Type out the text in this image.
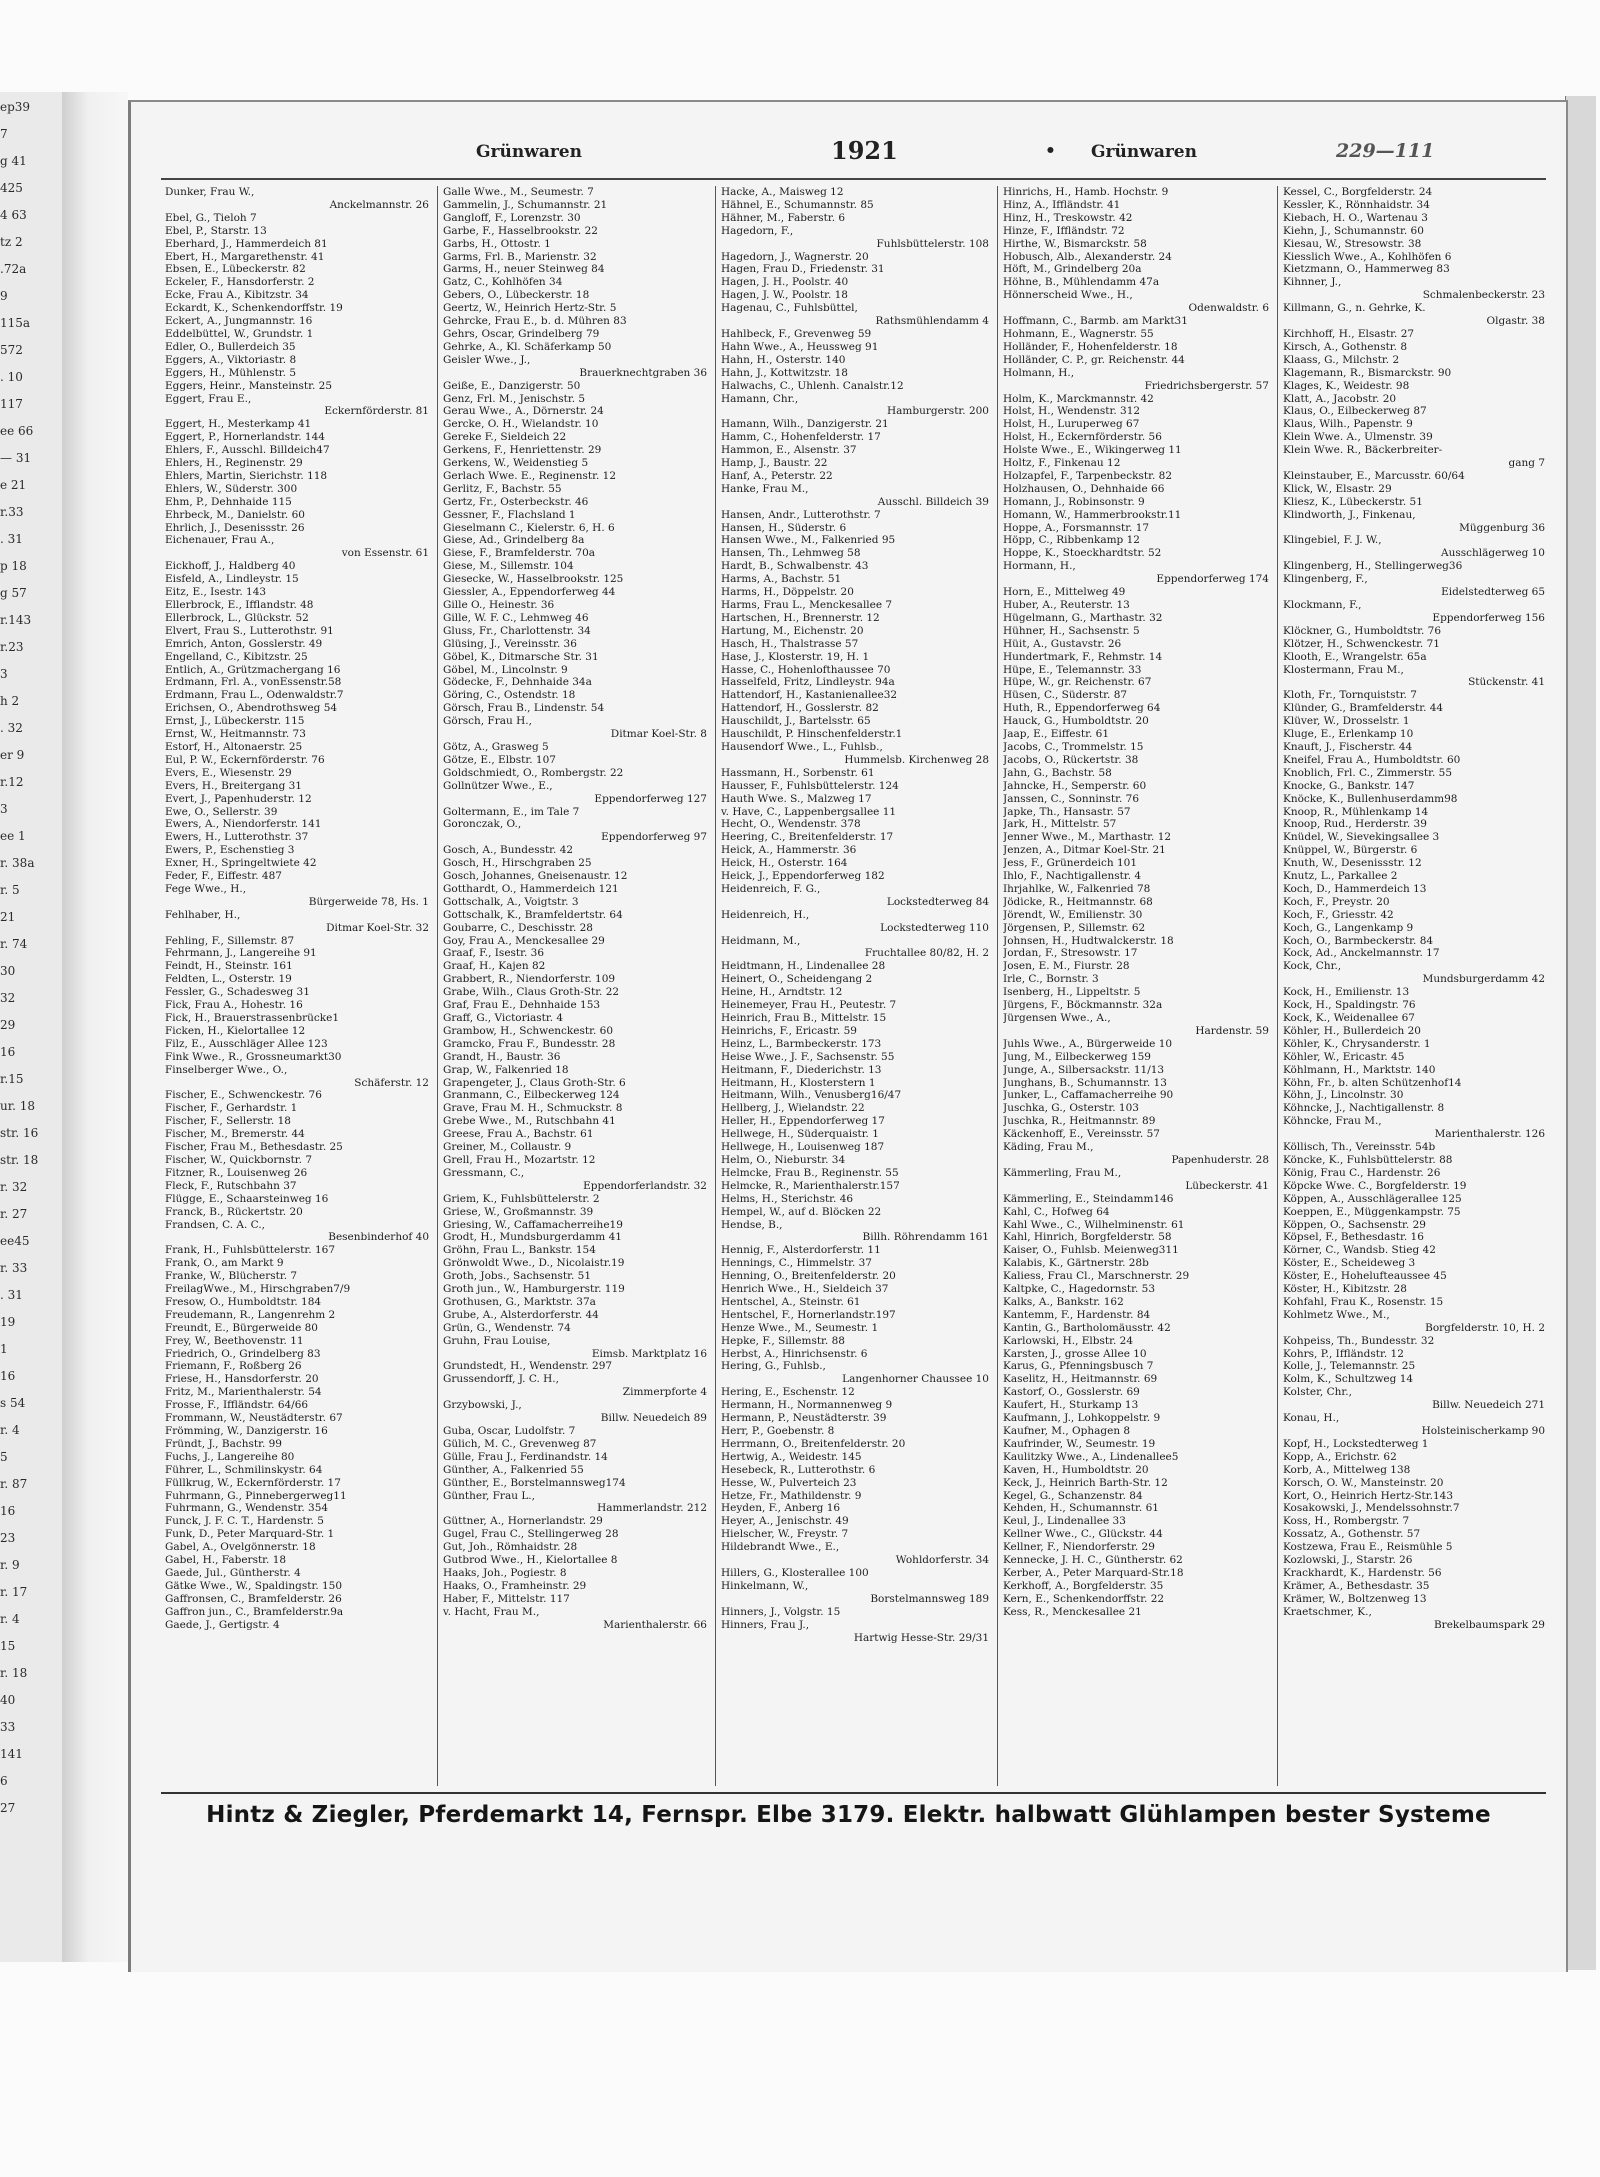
ep39
7
g 41
425
4 63
tz 2
.72a
9
115a
572
. 10
117
ee 66
— 31
e 21
r.33
. 31
p 18
g 57
r.143
r.23
3
h 2
. 32
er 9
r.12
3
ee 1
r. 38a
r. 5
21
r. 74
30
32
29
16
r.15
ur. 18
str. 16
str. 18
r. 32
r. 27
ee45
r. 33
. 31
19
1
16
s 54
r. 4
5
r. 87
16
23
r. 9
r. 17
r. 4
15
r. 18
40
33
141
6
27
Grünwaren	1921	• Grünwaren	229—111
Dunker, Frau W.,
Anckelmannstr. 26
Ebel, G., Tieloh 7
Ebel, P., Starstr. 13
Eberhard, J., Hammerdeich 81
Ebert, H., Margarethenstr. 41
Ebsen, E., Lübeckerstr. 82
Eckeler, F., Hansdorferstr. 2
Ecke, Frau A., Kibitzstr. 34
Eckardt, K., Schenkendorffstr. 19
Eckert, A., Jungmannstr. 16
Eddelbüttel, W., Grundstr. 1
Edler, O., Bullerdeich 35
Eggers, A., Viktoriastr. 8
Eggers, H., Mühlenstr. 5
Eggers, Heinr., Mansteinstr. 25
Eggert, Frau E.,
Eckernförderstr. 81
Eggert, H., Mesterkamp 41
Eggert, P., Hornerlandstr. 144
Ehlers, F., Ausschl. Billdeich47
Ehlers, H., Reginenstr. 29
Ehlers, Martin, Sierichstr. 118
Ehlers, W., Süderstr. 300
Ehm, P., Dehnhaide 115
Ehrbeck, M., Danielstr. 60
Ehrlich, J., Desenissstr. 26
Eichenauer, Frau A.,
von Essenstr. 61
Eickhoff, J., Haldberg 40
Eisfeld, A., Lindleystr. 15
Eitz, E., Isestr. 143
Ellerbrock, E., Ifflandstr. 48
Ellerbrock, L., Glückstr. 52
Elvert, Frau S., Lutterothstr. 91
Emrich, Anton, Gosslerstr. 49
Engelland, C., Kibitzstr. 25
Entlich, A., Grützmachergang 16
Erdmann, Frl. A., vonEssenstr.58
Erdmann, Frau L., Odenwaldstr.7
Erichsen, O., Abendrothsweg 54
Ernst, J., Lübeckerstr. 115
Ernst, W., Heitmannstr. 73
Estorf, H., Altonaerstr. 25
Eul, P. W., Eckernförderstr. 76
Evers, E., Wiesenstr. 29
Evers, H., Breitergang 31
Evert, J., Papenhuderstr. 12
Ewe, O., Sellerstr. 39
Ewers, A., Niendorferstr. 141
Ewers, H., Lutterothstr. 37
Ewers, P., Eschenstieg 3
Exner, H., Springeltwiete 42
Feder, F., Eiffestr. 487
Fege Wwe., H.,
Bürgerweide 78, Hs. 1
Fehlhaber, H.,
Ditmar Koel-Str. 32
Fehling, F., Sillemstr. 87
Fehrmann, J., Langereihe 91
Feindt, H., Steinstr. 161
Feldten, L., Osterstr. 19
Fessler, G., Schadesweg 31
Fick, Frau A., Hohestr. 16
Fick, H., Brauerstrassenbrücke1
Ficken, H., Kielortallee 12
Filz, E., Ausschläger Allee 123
Fink Wwe., R., Grossneumarkt30
Finselberger Wwe., O.,
Schäferstr. 12
Fischer, E., Schwenckestr. 76
Fischer, F., Gerhardstr. 1
Fischer, F., Sellerstr. 18
Fischer, M., Bremerstr. 44
Fischer, Frau M., Bethesdastr. 25
Fischer, W., Quickbornstr. 7
Fitzner, R., Louisenweg 26
Fleck, F., Rutschbahn 37
Flügge, E., Schaarsteinweg 16
Franck, B., Rückertstr. 20
Frandsen, C. A. C.,
Besenbinderhof 40
Frank, H., Fuhlsbüttelerstr. 167
Frank, O., am Markt 9
Franke, W., Blücherstr. 7
FreilagWwe., M., Hirschgraben7/9
Fresow, O., Humboldtstr. 184
Freudemann, R., Langenrehm 2
Freundt, E., Bürgerweide 80
Frey, W., Beethovenstr. 11
Friedrich, O., Grindelberg 83
Friemann, F., Roßberg 26
Friese, H., Hansdorferstr. 20
Fritz, M., Marienthalerstr. 54
Frosse, F., Iffländstr. 64/66
Frommann, W., Neustädterstr. 67
Frömming, W., Danzigerstr. 16
Fründt, J., Bachstr. 99
Fuchs, J., Langereihe 80
Führer, L., Schmilinskystr. 64
Füllkrug, W., Eckernförderstr. 17
Fuhrmann, G., Pinnebergerweg11
Fuhrmann, G., Wendenstr. 354
Funck, J. F. C. T., Hardenstr. 5
Funk, D., Peter Marquard-Str. 1
Gabel, A., Ovelgönnerstr. 18
Gabel, H., Faberstr. 18
Gaede, Jul., Güntherstr. 4
Gätke Wwe., W., Spaldingstr. 150
Gaffronsen, C., Bramfelderstr. 26
Gaffron jun., C., Bramfelderstr.9a
Gaede, J., Gertigstr. 4
Galle Wwe., M., Seumestr. 7
Gammelin, J., Schumannstr. 21
Gangloff, F., Lorenzstr. 30
Garbe, F., Hasselbrookstr. 22
Garbs, H., Ottostr. 1
Garms, Frl. B., Marienstr. 32
Garms, H., neuer Steinweg 84
Gatz, C., Kohlhöfen 34
Gebers, O., Lübeckerstr. 18
Geertz, W., Heinrich Hertz-Str. 5
Gehrcke, Frau E., b. d. Mühren 83
Gehrs, Oscar, Grindelberg 79
Gehrke, A., Kl. Schäferkamp 50
Geisler Wwe., J.,
Brauerknechtgraben 36
Geiße, E., Danzigerstr. 50
Genz, Frl. M., Jenischstr. 5
Gerau Wwe., A., Dörnerstr. 24
Gercke, O. H., Wielandstr. 10
Gereke F., Sieldeich 22
Gerkens, F., Henriettenstr. 29
Gerkens, W., Weidenstieg 5
Gerlach Wwe. E., Reginenstr. 12
Gerlitz, F., Bachstr. 55
Gertz, Fr., Osterbeckstr. 46
Gessner, F., Flachsland 1
Gieselmann C., Kielerstr. 6, H. 6
Giese, Ad., Grindelberg 8a
Giese, F., Bramfelderstr. 70a
Giese, M., Sillemstr. 104
Giesecke, W., Hasselbrookstr. 125
Giessler, A., Eppendorferweg 44
Gille O., Heinestr. 36
Gille, W. F. C., Lehmweg 46
Gluss, Fr., Charlottenstr. 34
Glüsing, J., Vereinsstr. 36
Göbel, K., Ditmarsche Str. 31
Göbel, M., Lincolnstr. 9
Gödecke, F., Dehnhaide 34a
Göring, C., Ostendstr. 18
Görsch, Frau B., Lindenstr. 54
Görsch, Frau H.,
Ditmar Koel-Str. 8
Götz, A., Grasweg 5
Götze, E., Elbstr. 107
Goldschmiedt, O., Rombergstr. 22
Gollnützer Wwe., E.,
Eppendorferweg 127
Goltermann, E., im Tale 7
Goronczak, O.,
Eppendorferweg 97
Gosch, A., Bundesstr. 42
Gosch, H., Hirschgraben 25
Gosch, Johannes, Gneisenaustr. 12
Gotthardt, O., Hammerdeich 121
Gottschalk, A., Voigtstr. 3
Gottschalk, K., Bramfeldertstr. 64
Goubarre, C., Deschisstr. 28
Goy, Frau A., Menckesallee 29
Graaf, F., Isestr. 36
Graaf, H., Kajen 82
Grabbert, R., Niendorferstr. 109
Grabe, Wilh., Claus Groth-Str. 22
Graf, Frau E., Dehnhaide 153
Graff, G., Victoriastr. 4
Grambow, H., Schwenckestr. 60
Gramcko, Frau F., Bundesstr. 28
Grandt, H., Baustr. 36
Grap, W., Falkenried 18
Grapengeter, J., Claus Groth-Str. 6
Granmann, C., Eilbeckerweg 124
Grave, Frau M. H., Schmuckstr. 8
Grebe Wwe., M., Rutschbahn 41
Greese, Frau A., Bachstr. 61
Greiner, M., Collaustr. 9
Grell, Frau H., Mozartstr. 12
Gressmann, C.,
Eppendorferlandstr. 32
Griem, K., Fuhlsbüttelerstr. 2
Griese, W., Großmannstr. 39
Griesing, W., Caffamacherreihe19
Grodt, H., Mundsburgerdamm 41
Gröhn, Frau L., Bankstr. 154
Grönwoldt Wwe., D., Nicolaistr.19
Groth, Jobs., Sachsenstr. 51
Groth jun., W., Hamburgerstr. 119
Grothusen, G., Marktstr. 37a
Grube, A., Alsterdorferstr. 44
Grün, G., Wendenstr. 74
Gruhn, Frau Louise,
Eimsb. Marktplatz 16
Grundstedt, H., Wendenstr. 297
Grussendorff, J. C. H.,
Zimmerpforte 4
Grzybowski, J.,
Billw. Neuedeich 89
Guba, Oscar, Ludolfstr. 7
Gülich, M. C., Grevenweg 87
Gülle, Frau J., Ferdinandstr. 14
Günther, A., Falkenried 55
Günther, E., Borstelmannsweg174
Günther, Frau L.,
Hammerlandstr. 212
Güttner, A., Hornerlandstr. 29
Gugel, Frau C., Stellingerweg 28
Gut, Joh., Römhaidstr. 28
Gutbrod Wwe., H., Kielortallee 8
Haaks, Joh., Pogiestr. 8
Haaks, O., Framheinstr. 29
Haber, F., Mittelstr. 117
v. Hacht, Frau M.,
Marienthalerstr. 66
Hacke, A., Maisweg 12
Hähnel, E., Schumannstr. 85
Hähner, M., Faberstr. 6
Hagedorn, F.,
Fuhlsbüttelerstr. 108
Hagedorn, J., Wagnerstr. 20
Hagen, Frau D., Friedenstr. 31
Hagen, J. H., Poolstr. 40
Hagen, J. W., Poolstr. 18
Hagenau, C., Fuhlsbüttel,
Rathsmühlendamm 4
Hahlbeck, F., Grevenweg 59
Hahn Wwe., A., Heussweg 91
Hahn, H., Osterstr. 140
Hahn, J., Kottwitzstr. 18
Halwachs, C., Uhlenh. Canalstr.12
Hamann, Chr.,
Hamburgerstr. 200
Hamann, Wilh., Danzigerstr. 21
Hamm, C., Hohenfelderstr. 17
Hammon, E., Alsenstr. 37
Hamp, J., Baustr. 22
Hanf, A., Peterstr. 22
Hanke, Frau M.,
Ausschl. Billdeich 39
Hansen, Andr., Lutterothstr. 7
Hansen, H., Süderstr. 6
Hansen Wwe., M., Falkenried 95
Hansen, Th., Lehmweg 58
Hardt, B., Schwalbenstr. 43
Harms, A., Bachstr. 51
Harms, H., Döppelstr. 20
Harms, Frau L., Menckesallee 7
Hartschen, H., Brennerstr. 12
Hartung, M., Eichenstr. 20
Hasch, H., Thalstrasse 57
Hase, J., Klosterstr. 19, H. 1
Hasse, C., Hohenlofthaussee 70
Hasselfeld, Fritz, Lindleystr. 94a
Hattendorf, H., Kastanienallee32
Hattendorf, H., Gosslerstr. 82
Hauschildt, J., Bartelsstr. 65
Hauschildt, P. Hinschenfelderstr.1
Hausendorf Wwe., L., Fuhlsb.,
Hummelsb. Kirchenweg 28
Hassmann, H., Sorbenstr. 61
Hausser, F., Fuhlsbüttelerstr. 124
Hauth Wwe. S., Malzweg 17
v. Have, C., Lappenbergsallee 11
Hecht, O., Wendenstr. 378
Heering, C., Breitenfelderstr. 17
Heick, A., Hammerstr. 36
Heick, H., Osterstr. 164
Heick, J., Eppendorferweg 182
Heidenreich, F. G.,
Lockstedterweg 84
Heidenreich, H.,
Lockstedterweg 110
Heidmann, M.,
Fruchtallee 80/82, H. 2
Heidtmann, H., Lindenallee 28
Heinert, O., Scheidengang 2
Heine, H., Arndtstr. 12
Heinemeyer, Frau H., Peutestr. 7
Heinrich, Frau B., Mittelstr. 15
Heinrichs, F., Ericastr. 59
Heinz, L., Barmbeckerstr. 173
Heise Wwe., J. F., Sachsenstr. 55
Heitmann, F., Diederichstr. 13
Heitmann, H., Klosterstern 1
Heitmann, Wilh., Venusberg16/47
Hellberg, J., Wielandstr. 22
Heller, H., Eppendorferweg 17
Hellwege, H., Süderquaistr. 1
Hellwege, H., Louisenweg 187
Helm, O., Nieburstr. 34
Helmcke, Frau B., Reginenstr. 55
Helmcke, R., Marienthalerstr.157
Helms, H., Sterichstr. 46
Hempel, W., auf d. Blöcken 22
Hendse, B.,
Billh. Röhrendamm 161
Hennig, F., Alsterdorferstr. 11
Hennings, C., Himmelstr. 37
Henning, O., Breitenfelderstr. 20
Henrich Wwe., H., Sieldeich 37
Hentschel, A., Steinstr. 61
Hentschel, F., Hornerlandstr.197
Henze Wwe., M., Seumestr. 1
Hepke, F., Sillemstr. 88
Herbst, A., Hinrichsenstr. 6
Hering, G., Fuhlsb.,
Langenhorner Chaussee 10
Hering, E., Eschenstr. 12
Hermann, H., Normannenweg 9
Hermann, P., Neustädterstr. 39
Herr, P., Goebenstr. 8
Herrmann, O., Breitenfelderstr. 20
Hertwig, A., Weidestr. 145
Hesebeck, R., Lutterothstr. 6
Hesse, W., Pulverteich 23
Hetze, Fr., Mathildenstr. 9
Heyden, F., Anberg 16
Heyer, A., Jenischstr. 49
Hielscher, W., Freystr. 7
Hildebrandt Wwe., E.,
Wohldorferstr. 34
Hillers, G., Klosterallee 100
Hinkelmann, W.,
Borstelmannsweg 189
Hinners, J., Volgstr. 15
Hinners, Frau J.,
Hartwig Hesse-Str. 29/31
Hinrichs, H., Hamb. Hochstr. 9
Hinz, A., Iffländstr. 41
Hinz, H., Treskowstr. 42
Hinze, F., Iffländstr. 72
Hirthe, W., Bismarckstr. 58
Hobusch, Alb., Alexanderstr. 24
Höft, M., Grindelberg 20a
Höhne, B., Mühlendamm 47a
Hönnerscheid Wwe., H.,
Odenwaldstr. 6
Hoffmann, C., Barmb. am Markt31
Hohmann, E., Wagnerstr. 55
Holländer, F., Hohenfelderstr. 18
Holländer, C. P., gr. Reichenstr. 44
Holmann, H.,
Friedrichsbergerstr. 57
Holm, K., Marckmannstr. 42
Holst, H., Wendenstr. 312
Holst, H., Luruperweg 67
Holst, H., Eckernförderstr. 56
Holste Wwe., E., Wikingerweg 11
Holtz, F., Finkenau 12
Holzapfel, F., Tarpenbeckstr. 82
Holzhausen, O., Dehnhaide 66
Homann, J., Robinsonstr. 9
Homann, W., Hammerbrookstr.11
Hoppe, A., Forsmannstr. 17
Höpp, C., Ribbenkamp 12
Hoppe, K., Stoeckhardtstr. 52
Hormann, H.,
Eppendorferweg 174
Horn, E., Mittelweg 49
Huber, A., Reuterstr. 13
Hügelmann, G., Marthastr. 32
Hühner, H., Sachsenstr. 5
Hüit, A., Gustavstr. 26
Hundertmark, F., Rehmstr. 14
Hüpe, E., Telemannstr. 33
Hüpe, W., gr. Reichenstr. 67
Hüsen, C., Süderstr. 87
Huth, R., Eppendorferweg 64
Hauck, G., Humboldtstr. 20
Jaap, E., Eiffestr. 61
Jacobs, C., Trommelstr. 15
Jacobs, O., Rückertstr. 38
Jahn, G., Bachstr. 58
Jahncke, H., Semperstr. 60
Janssen, C., Sonninstr. 76
Japke, Th., Hansastr. 57
Jark, H., Mittelstr. 57
Jenner Wwe., M., Marthastr. 12
Jenzen, A., Ditmar Koel-Str. 21
Jess, F., Grünerdeich 101
Ihlo, F., Nachtigallenstr. 4
Ihrjahlke, W., Falkenried 78
Jödicke, R., Heitmannstr. 68
Jörendt, W., Emilienstr. 30
Jörgensen, P., Sillemstr. 62
Johnsen, H., Hudtwalckerstr. 18
Jordan, F., Stresowstr. 17
Josen, E. M., Fiurstr. 28
Irle, C., Bornstr. 3
Isenberg, H., Lippeltstr. 5
Jürgens, F., Böckmannstr. 32a
Jürgensen Wwe., A.,
Hardenstr. 59
Juhls Wwe., A., Bürgerweide 10
Jung, M., Eilbeckerweg 159
Junge, A., Silbersackstr. 11/13
Junghans, B., Schumannstr. 13
Junker, L., Caffamacherreihe 90
Juschka, G., Osterstr. 103
Juschka, R., Heitmannstr. 89
Käckenhoff, E., Vereinsstr. 57
Käding, Frau M.,
Papenhuderstr. 28
Kämmerling, Frau M.,
Lübeckerstr. 41
Kämmerling, E., Steindamm146
Kahl, C., Hofweg 64
Kahl Wwe., C., Wilhelminenstr. 61
Kahl, Hinrich, Borgfelderstr. 58
Kaiser, O., Fuhlsb. Meienweg311
Kalabis, K., Gärtnerstr. 28b
Kaliess, Frau Cl., Marschnerstr. 29
Kaltpke, C., Hagedornstr. 53
Kalks, A., Bankstr. 162
Kantemm, F., Hardenstr. 84
Kantin, G., Bartholomäusstr. 42
Karlowski, H., Elbstr. 24
Karsten, J., grosse Allee 10
Karus, G., Pfenningsbusch 7
Kaselitz, H., Heitmannstr. 69
Kastorf, O., Gosslerstr. 69
Kaufert, H., Sturkamp 13
Kaufmann, J., Lohkoppelstr. 9
Kaufner, M., Ophagen 8
Kaufrinder, W., Seumestr. 19
Kaulitzky Wwe., A., Lindenallee5
Kaven, H., Humboldtstr. 20
Keck, J., Heinrich Barth-Str. 12
Kegel, G., Schanzenstr. 84
Kehden, H., Schumannstr. 61
Keul, J., Lindenallee 33
Kellner Wwe., C., Glückstr. 44
Kellner, F., Niendorferstr. 29
Kennecke, J. H. C., Güntherstr. 62
Kerber, A., Peter Marquard-Str.18
Kerkhoff, A., Borgfelderstr. 35
Kern, E., Schenkendorffstr. 22
Kess, R., Menckesallee 21
Kessel, C., Borgfelderstr. 24
Kessler, K., Rönnhaidstr. 34
Kiebach, H. O., Wartenau 3
Kiehn, J., Schumannstr. 60
Kiesau, W., Stresowstr. 38
Kiesslich Wwe., A., Kohlhöfen 6
Kietzmann, O., Hammerweg 83
Kihnner, J.,
Schmalenbeckerstr. 23
Killmann, G., n. Gehrke, K.
Olgastr. 38
Kirchhoff, H., Elsastr. 27
Kirsch, A., Gothenstr. 8
Klaass, G., Milchstr. 2
Klagemann, R., Bismarckstr. 90
Klages, K., Weidestr. 98
Klatt, A., Jacobstr. 20
Klaus, O., Eilbeckerweg 87
Klaus, Wilh., Papenstr. 9
Klein Wwe. A., Ulmenstr. 39
Klein Wwe. R., Bäckerbreiter-
gang 7
Kleinstauber, E., Marcusstr. 60/64
Klick, W., Elsastr. 29
Kliesz, K., Lübeckerstr. 51
Klindworth, J., Finkenau,
Müggenburg 36
Klingebiel, F. J. W.,
Ausschlägerweg 10
Klingenberg, H., Stellingerweg36
Klingenberg, F.,
Eidelstedterweg 65
Klockmann, F.,
Eppendorferweg 156
Klöckner, G., Humboldtstr. 76
Klötzer, H., Schwenckestr. 71
Klooth, E., Wrangelstr. 65a
Klostermann, Frau M.,
Stückenstr. 41
Kloth, Fr., Tornquiststr. 7
Klünder, G., Bramfelderstr. 44
Klüver, W., Drosselstr. 1
Kluge, E., Erlenkamp 10
Knauft, J., Fischerstr. 44
Kneifel, Frau A., Humboldtstr. 60
Knoblich, Frl. C., Zimmerstr. 55
Knocke, G., Bankstr. 147
Knöcke, K., Bullenhuserdamm98
Knoop, R., Mühlenkamp 14
Knoop, Rud., Herderstr. 39
Knüdel, W., Sievekingsallee 3
Knüppel, W., Bürgerstr. 6
Knuth, W., Desenissstr. 12
Knutz, L., Parkallee 2
Koch, D., Hammerdeich 13
Koch, F., Preystr. 20
Koch, F., Griesstr. 42
Koch, G., Langenkamp 9
Koch, O., Barmbeckerstr. 84
Kock, Ad., Anckelmannstr. 17
Kock, Chr.,
Mundsburgerdamm 42
Kock, H., Emilienstr. 13
Kock, H., Spaldingstr. 76
Kock, K., Weidenallee 67
Köhler, H., Bullerdeich 20
Köhler, K., Chrysanderstr. 1
Köhler, W., Ericastr. 45
Köhlmann, H., Marktstr. 140
Köhn, Fr., b. alten Schützenhof14
Köhn, J., Lincolnstr. 30
Köhncke, J., Nachtigallenstr. 8
Köhncke, Frau M.,
Marienthalerstr. 126
Köllisch, Th., Vereinsstr. 54b
Köncke, K., Fuhlsbüttelerstr. 88
König, Frau C., Hardenstr. 26
Köpcke Wwe. C., Borgfelderstr. 19
Köppen, A., Ausschlägerallee 125
Koeppen, E., Müggenkampstr. 75
Köppen, O., Sachsenstr. 29
Köpsel, F., Bethesdastr. 16
Körner, C., Wandsb. Stieg 42
Köster, E., Scheideweg 3
Köster, E., Hohelufteaussee 45
Köster, H., Kibitzstr. 28
Kohfahl, Frau K., Rosenstr. 15
Kohlmetz Wwe., M.,
Borgfelderstr. 10, H. 2
Kohpeiss, Th., Bundesstr. 32
Kohrs, P., Iffländstr. 12
Kolle, J., Telemannstr. 25
Kolm, K., Schultzweg 14
Kolster, Chr.,
Billw. Neuedeich 271
Konau, H.,
Holsteinischerkamp 90
Kopf, H., Lockstedterweg 1
Kopp, A., Erichstr. 62
Korb, A., Mittelweg 138
Korsch, O. W., Mansteinstr. 20
Kort, O., Heinrich Hertz-Str.143
Kosakowski, J., Mendelssohnstr.7
Koss, H., Rombergstr. 7
Kossatz, A., Gothenstr. 57
Kostzewa, Frau E., Reismühle 5
Kozlowski, J., Starstr. 26
Krackhardt, K., Hardenstr. 56
Krämer, A., Bethesdastr. 35
Krämer, W., Boltzenweg 13
Kraetschmer, K.,
Brekelbaumspark 29
Hintz & Ziegler, Pferdemarkt 14, Fernspr. Elbe 3179. Elektr. halbwatt Glühlampen bester Systeme
